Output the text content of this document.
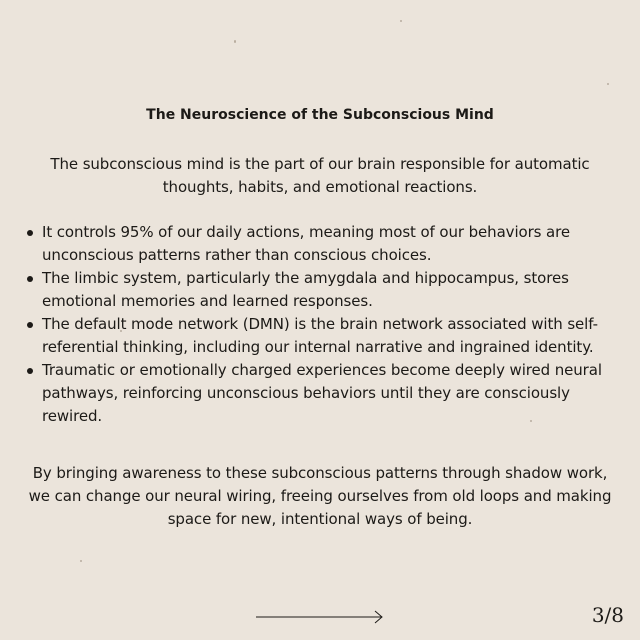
The Neuroscience of the Subconscious Mind
The subconscious mind is the part of our brain responsible for automatic thoughts, habits, and emotional reactions.
It controls 95% of our daily actions, meaning most of our behaviors are unconscious patterns rather than conscious choices.
The limbic system, particularly the amygdala and hippocampus, stores emotional memories and learned responses.
The default mode network (DMN) is the brain network associated with self-referential thinking, including our internal narrative and ingrained identity.
Traumatic or emotionally charged experiences become deeply wired neural pathways, reinforcing unconscious behaviors until they are consciously rewired.
By bringing awareness to these subconscious patterns through shadow work, we can change our neural wiring, freeing ourselves from old loops and making space for new, intentional ways of being.
3/8
